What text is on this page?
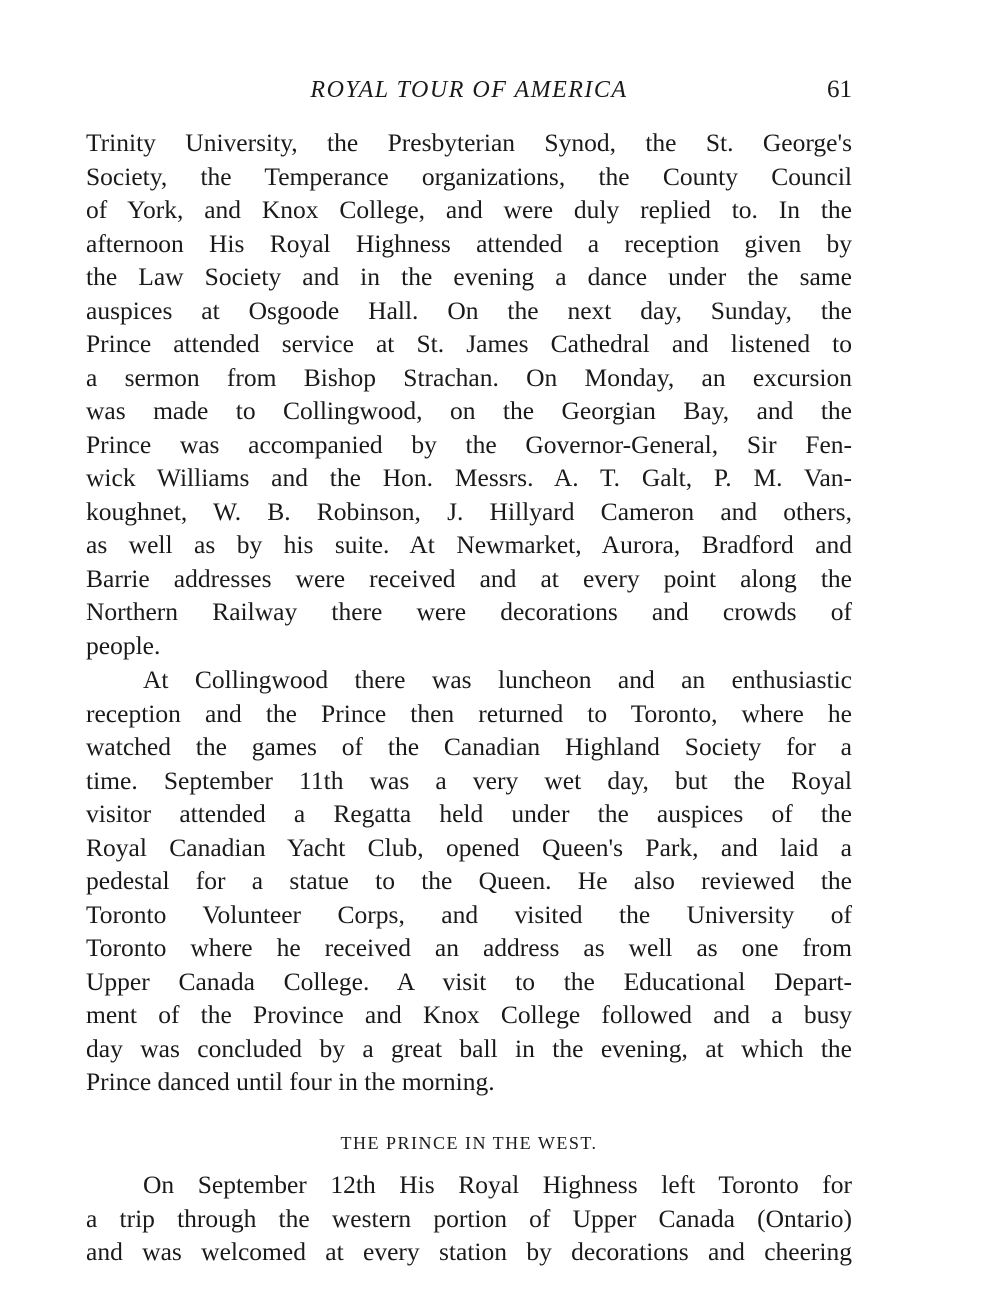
ROYAL TOUR OF AMERICA	61
Trinity University, the Presbyterian Synod, the St. George's
Society, the Temperance organizations, the County Council
of York, and Knox College, and were duly replied to. In the
afternoon His Royal Highness attended a reception given by
the Law Society and in the evening a dance under the same
auspices at Osgoode Hall. On the next day, Sunday, the
Prince attended service at St. James Cathedral and listened to
a sermon from Bishop Strachan. On Monday, an excursion
was made to Collingwood, on the Georgian Bay, and the
Prince was accompanied by the Governor-General, Sir Fen-
wick Williams and the Hon. Messrs. A. T. Galt, P. M. Van-
koughnet, W. B. Robinson, J. Hillyard Cameron and others,
as well as by his suite. At Newmarket, Aurora, Bradford and
Barrie addresses were received and at every point along the
Northern Railway there were decorations and crowds of
people.
At Collingwood there was luncheon and an enthusiastic
reception and the Prince then returned to Toronto, where he
watched the games of the Canadian Highland Society for a
time. September 11th was a very wet day, but the Royal
visitor attended a Regatta held under the auspices of the
Royal Canadian Yacht Club, opened Queen's Park, and laid a
pedestal for a statue to the Queen. He also reviewed the
Toronto Volunteer Corps, and visited the University of
Toronto where he received an address as well as one from
Upper Canada College. A visit to the Educational Depart-
ment of the Province and Knox College followed and a busy
day was concluded by a great ball in the evening, at which the
Prince danced until four in the morning.
THE PRINCE IN THE WEST.
On September 12th His Royal Highness left Toronto for
a trip through the western portion of Upper Canada (Ontario)
and was welcomed at every station by decorations and cheering
